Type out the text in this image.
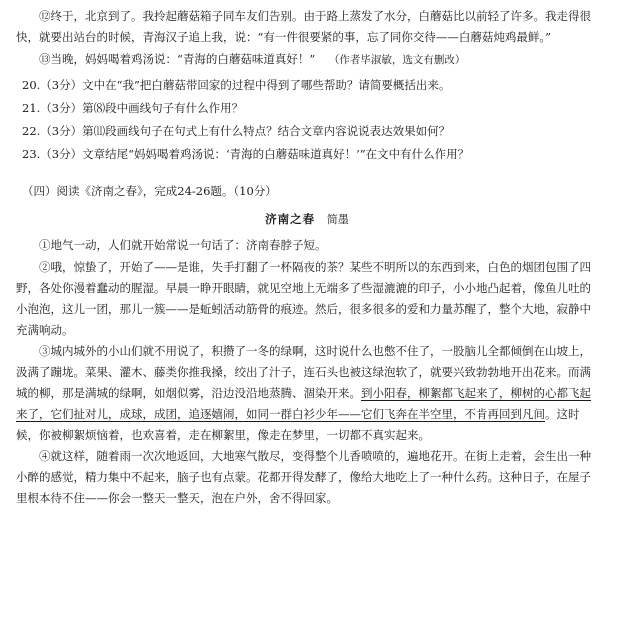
⑫终于，北京到了。我拎起蘑菇箱子同车友们告别。由于路上蒸发了水分，白蘑菇比以前轻了许多。我走得很快，就要出站台的时候，青海汉子追上我，说：“有一件很要紧的事，忘了同你交待——白蘑菇炖鸡最鲜。”

⑬当晚，妈妈喝着鸡汤说：“青海的白蘑菇味道真好！” （作者毕淑敏，选文有删改）

20.（3分）文中在“我”把白蘑菇带回家的过程中得到了哪些帮助？请简要概括出来。

21.（3分）第⑻段中画线句子有什么作用？

22.（3分）第⑾段画线句子在句式上有什么特点？结合文章内容说说表达效果如何？

23.（3分）文章结尾“妈妈喝着鸡汤说：‘青海的白蘑菇味道真好！’”在文中有什么作用？

（四）阅读《济南之春》，完成24-26题。（10分）

济南之春 简墨

①地气一动，人们就开始常说一句话了：济南春脖子短。

②哦，惊蛰了，开始了——是谁，失手打翻了一杯隔夜的茶？某些不明所以的东西到来，白色的烟团包围了四野，各处你漫着蠢动的腥湿。早晨一睁开眼睛，就见空地上无端多了些湿漉漉的印子，小小地凸起着，像鱼儿吐的小泡泡，这儿一团，那儿一簇——是蚯蚓活动筋骨的痕迹。然后，很多很多的爱和力量苏醒了，整个大地，寂静中充满响动。

③城内城外的小山们就不用说了，积攒了一冬的绿啊，这时说什么也憋不住了，一股脑儿全都倾倒在山坡上，汲满了蹦垅。菜果、灌木、藤类你推我搡，绞出了汁子，连石头也被这绿泡软了，就要兴致勃勃地开出花来。而满城的柳，那是满城的绿啊，如烟似雾，沿边没沿地蒸腾、涸染开来。到小阳春，柳絮都飞起来了，柳树的心都飞起来了，它们扯对儿，成球，成团，追逐嬉闹，如同一群白衫少年——它们飞奔在半空里，不肯再回到凡间。这时候，你被柳絮烦恼着，也欢喜着，走在柳絮里，像走在梦里，一切都不真实起来。

④就这样，随着雨一次次地返回，大地寒气散尽，变得整个儿香喷喷的，遍地花开。在街上走着，会生出一种小醉的感觉，精力集中不起来，脑子也有点蒙。花都开得发酵了，像给大地吃上了一种什么药。这种日子，在屋子里根本待不住——你会一整天一整天，泡在户外，舍不得回家。
